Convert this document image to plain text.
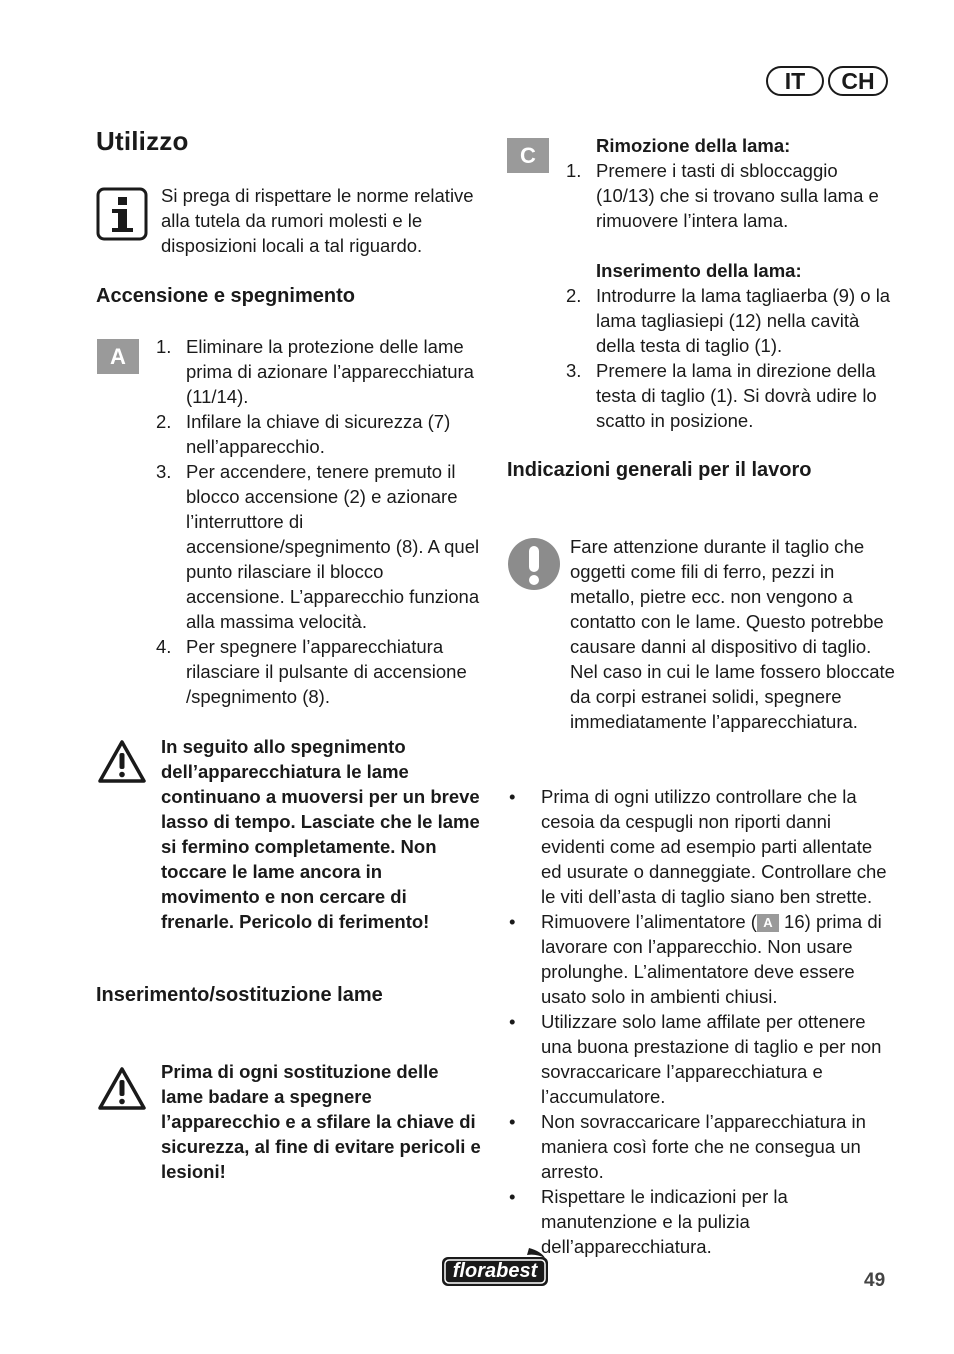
IT	CH
Utilizzo
Si prega di rispettare le norme relative alla tutela da rumori molesti e le disposizioni locali a tal riguardo.
Accensione e spegnimento
A	1. Eliminare la protezione delle lame prima di azionare l’apparecchiatura (11/14).
2. Infilare la chiave di sicurezza (7) nell’apparecchio.
3. Per accendere, tenere premuto il blocco accensione (2) e azionare l’interruttore di accensione/spegnimento (8). A quel punto rilasciare il blocco accensione. L’apparecchio funziona alla massima velocità.
4. Per spegnere l’apparecchiatura rilasciare il pulsante di accensione /spegnimento (8).
In seguito allo spegnimento dell’apparecchiatura le lame continuano a muoversi per un breve lasso di tempo. Lasciate che le lame si fermino completamente. Non toccare le lame ancora in movimento e non cercare di frenarle. Pericolo di ferimento!
Inserimento/sostituzione lame
Prima di ogni sostituzione delle lame badare a spegnere l’apparecchio e a sfilare la chiave di sicurezza, al fine di evitare pericoli e lesioni!
C	Rimozione della lama:
1. Premere i tasti di sbloccaggio (10/13) che si trovano sulla lama e rimuovere l’intera lama.
Inserimento della lama:
2. Introdurre la lama tagliaerba (9) o la lama tagliasiepi (12) nella cavità della testa di taglio (1).
3. Premere la lama in direzione della testa di taglio (1). Si dovrà udire lo scatto in posizione.
Indicazioni generali per il lavoro
Fare attenzione durante il taglio che oggetti come fili di ferro, pezzi in metallo, pietre ecc. non vengono a contatto con le lame. Questo potrebbe causare danni al dispositivo di taglio. Nel caso in cui le lame fossero bloccate da corpi estranei solidi, spegnere immediatamente l’apparecchiatura.
• Prima di ogni utilizzo controllare che la cesoia da cespugli non riporti danni evidenti come ad esempio parti allentate ed usurate o danneggiate. Controllare che le viti dell’asta di taglio siano ben strette.
• Rimuovere l’alimentatore ( A 16) prima di lavorare con l’apparecchio. Non usare prolunghe. L’alimentatore deve essere usato solo in ambienti chiusi.
• Utilizzare solo lame affilate per ottenere una buona prestazione di taglio e per non sovraccaricare l’apparecchiatura e l’accumulatore.
• Non sovraccaricare l’apparecchiatura in maniera così forte che ne consegua un arresto.
• Rispettare le indicazioni per la manutenzione e la pulizia dell’apparecchiatura.
florabest	49
